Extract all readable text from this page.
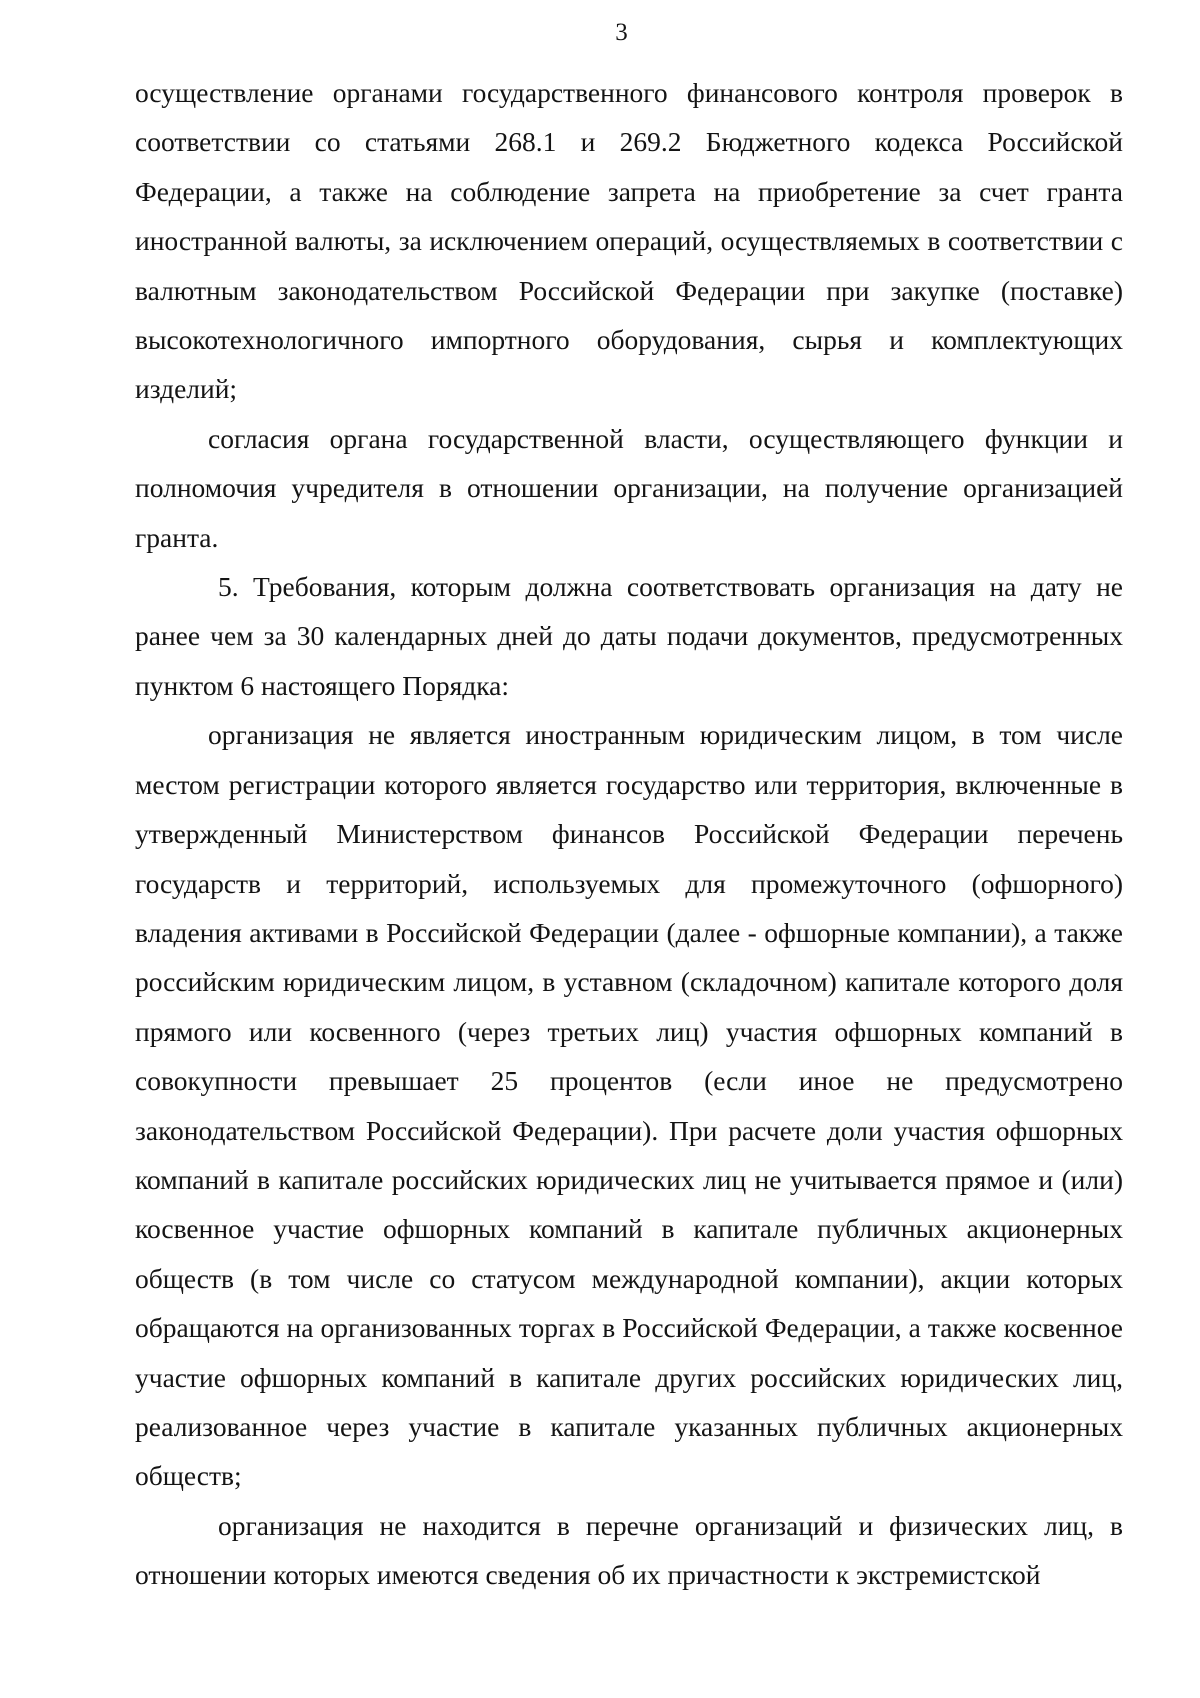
3

осуществление органами государственного финансового контроля проверок в соответствии со статьями 268.1 и 269.2 Бюджетного кодекса Российской Федерации, а также на соблюдение запрета на приобретение за счет гранта иностранной валюты, за исключением операций, осуществляемых в соответствии с валютным законодательством Российской Федерации при закупке (поставке) высокотехнологичного импортного оборудования, сырья и комплектующих изделий;

согласия органа государственной власти, осуществляющего функции и полномочия учредителя в отношении организации, на получение организацией гранта.

5. Требования, которым должна соответствовать организация на дату не ранее чем за 30 календарных дней до даты подачи документов, предусмотренных пунктом 6 настоящего Порядка:

организация не является иностранным юридическим лицом, в том числе местом регистрации которого является государство или территория, включенные в утвержденный Министерством финансов Российской Федерации перечень государств и территорий, используемых для промежуточного (офшорного) владения активами в Российской Федерации (далее - офшорные компании), а также российским юридическим лицом, в уставном (складочном) капитале которого доля прямого или косвенного (через третьих лиц) участия офшорных компаний в совокупности превышает 25 процентов (если иное не предусмотрено законодательством Российской Федерации). При расчете доли участия офшорных компаний в капитале российских юридических лиц не учитывается прямое и (или) косвенное участие офшорных компаний в капитале публичных акционерных обществ (в том числе со статусом международной компании), акции которых обращаются на организованных торгах в Российской Федерации, а также косвенное участие офшорных компаний в капитале других российских юридических лиц, реализованное через участие в капитале указанных публичных акционерных обществ;

организация не находится в перечне организаций и физических лиц, в отношении которых имеются сведения об их причастности к экстремистской
